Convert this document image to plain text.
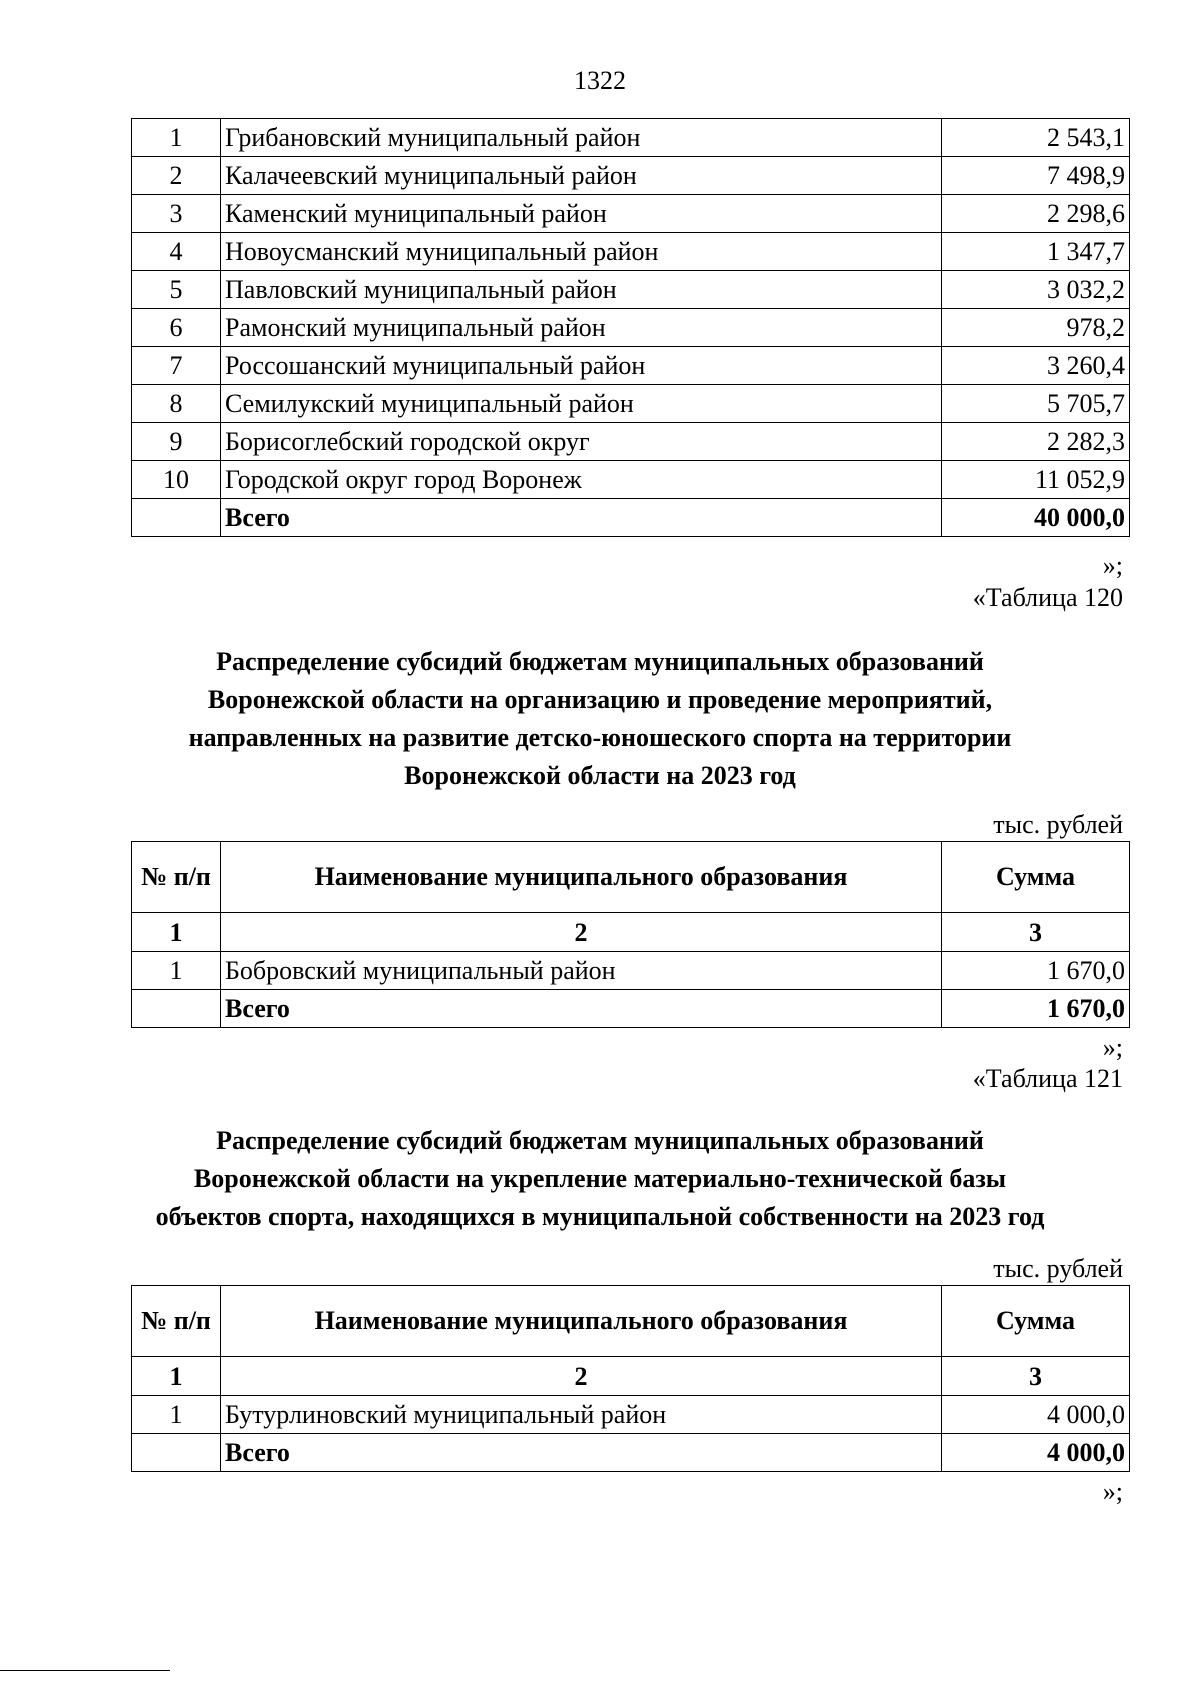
1322
1	Грибановский муниципальный район	2 543,1
2	Калачеевский муниципальный район	7 498,9
3	Каменский муниципальный район	2 298,6
4	Новоусманский муниципальный район	1 347,7
5	Павловский муниципальный район	3 032,2
6	Рамонский муниципальный район	978,2
7	Россошанский муниципальный район	3 260,4
8	Семилукский муниципальный район	5 705,7
9	Борисоглебский городской округ	2 282,3
10	Городской округ город Воронеж	11 052,9
	Всего	40 000,0
»;
«Таблица 120
Распределение субсидий бюджетам муниципальных образований
Воронежской области на организацию и проведение мероприятий,
направленных на развитие детско-юношеского спорта на территории
Воронежской области на 2023 год
тыс. рублей
№ п/п	Наименование муниципального образования	Сумма
1	2	3
1	Бобровский муниципальный район	1 670,0
	Всего	1 670,0
»;
«Таблица 121
Распределение субсидий бюджетам муниципальных образований
Воронежской области на укрепление материально-технической базы
объектов спорта, находящихся в муниципальной собственности на 2023 год
тыс. рублей
№ п/п	Наименование муниципального образования	Сумма
1	2	3
1	Бутурлиновский муниципальный район	4 000,0
	Всего	4 000,0
»;
